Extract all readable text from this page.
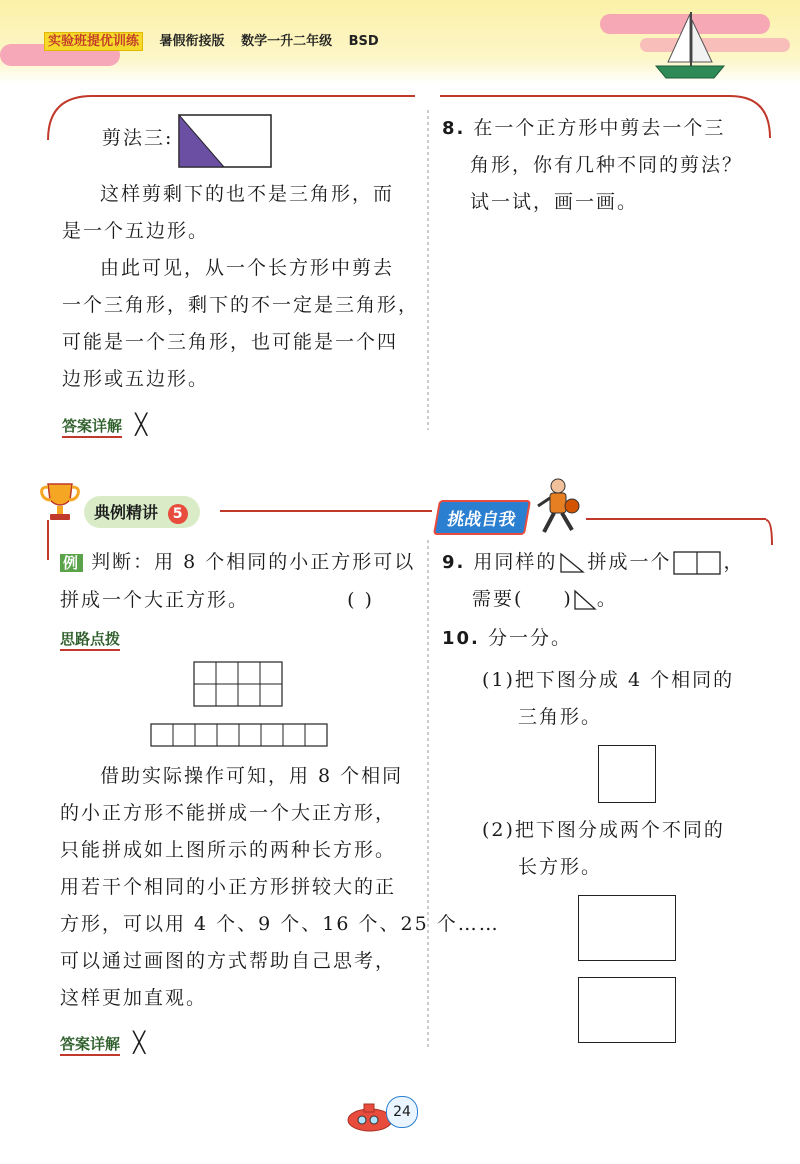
实验班提优训练 暑假衔接版 数学一升二年级 BSD
剪法三:
这样剪剩下的也不是三角形，而
是一个五边形。
由此可见，从一个长方形中剪去
一个三角形，剩下的不一定是三角形，
可能是一个三角形，也可能是一个四
边形或五边形。
答案详解 ╳
8. 在一个正方形中剪去一个三
角形，你有几种不同的剪法？
试一试，画一画。
典例精讲 5	挑战自我
例 判断：用 8 个相同的小正方形可以
拼成一个大正方形。	( )
思路点拨
借助实际操作可知，用 8 个相同
的小正方形不能拼成一个大正方形，
只能拼成如上图所示的两种长方形。
用若干个相同的小正方形拼较大的正
方形，可以用 4 个、9 个、16 个、25 个……
可以通过画图的方式帮助自己思考，
这样更加直观。
答案详解 ╳
9.
用同样的 拼成一个	，
需要( ) 。
10. 分一分。
(1)把下图分成 4 个相同的
三角形。
(2)把下图分成两个不同的
长方形。
24
